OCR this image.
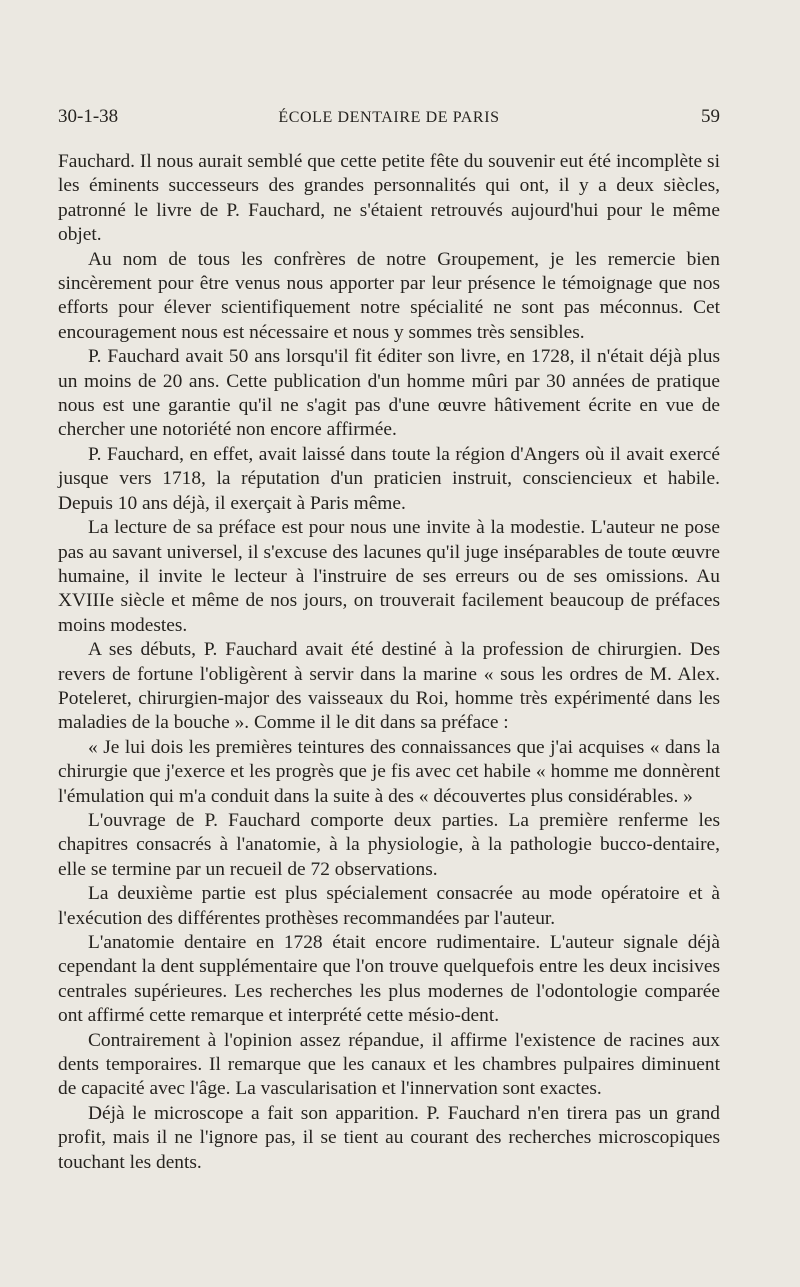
30-1-38	ÉCOLE DENTAIRE DE PARIS	59

Fauchard. Il nous aurait semblé que cette petite fête du souvenir eut été incomplète si les éminents successeurs des grandes personnalités qui ont, il y a deux siècles, patronné le livre de P. Fauchard, ne s'étaient retrouvés aujourd'hui pour le même objet.

Au nom de tous les confrères de notre Groupement, je les remercie bien sincèrement pour être venus nous apporter par leur présence le témoignage que nos efforts pour élever scientifiquement notre spécialité ne sont pas méconnus. Cet encouragement nous est nécessaire et nous y sommes très sensibles.

P. Fauchard avait 50 ans lorsqu'il fit éditer son livre, en 1728, il n'était déjà plus un moins de 20 ans. Cette publication d'un homme mûri par 30 années de pratique nous est une garantie qu'il ne s'agit pas d'une œuvre hâtivement écrite en vue de chercher une notoriété non encore affirmée.

P. Fauchard, en effet, avait laissé dans toute la région d'Angers où il avait exercé jusque vers 1718, la réputation d'un praticien instruit, consciencieux et habile. Depuis 10 ans déjà, il exerçait à Paris même.

La lecture de sa préface est pour nous une invite à la modestie. L'auteur ne pose pas au savant universel, il s'excuse des lacunes qu'il juge inséparables de toute œuvre humaine, il invite le lecteur à l'instruire de ses erreurs ou de ses omissions. Au XVIIIe siècle et même de nos jours, on trouverait facilement beaucoup de préfaces moins modestes.

A ses débuts, P. Fauchard avait été destiné à la profession de chirurgien. Des revers de fortune l'obligèrent à servir dans la marine « sous les ordres de M. Alex. Poteleret, chirurgien-major des vaisseaux du Roi, homme très expérimenté dans les maladies de la bouche ». Comme il le dit dans sa préface :

« Je lui dois les premières teintures des connaissances que j'ai acquises « dans la chirurgie que j'exerce et les progrès que je fis avec cet habile « homme me donnèrent l'émulation qui m'a conduit dans la suite à des « découvertes plus considérables. »

L'ouvrage de P. Fauchard comporte deux parties. La première renferme les chapitres consacrés à l'anatomie, à la physiologie, à la pathologie bucco-dentaire, elle se termine par un recueil de 72 observations.

La deuxième partie est plus spécialement consacrée au mode opératoire et à l'exécution des différentes prothèses recommandées par l'auteur.

L'anatomie dentaire en 1728 était encore rudimentaire. L'auteur signale déjà cependant la dent supplémentaire que l'on trouve quelquefois entre les deux incisives centrales supérieures. Les recherches les plus modernes de l'odontologie comparée ont affirmé cette remarque et interprété cette mésio-dent.

Contrairement à l'opinion assez répandue, il affirme l'existence de racines aux dents temporaires. Il remarque que les canaux et les chambres pulpaires diminuent de capacité avec l'âge. La vascularisation et l'innervation sont exactes.

Déjà le microscope a fait son apparition. P. Fauchard n'en tirera pas un grand profit, mais il ne l'ignore pas, il se tient au courant des recherches microscopiques touchant les dents.
